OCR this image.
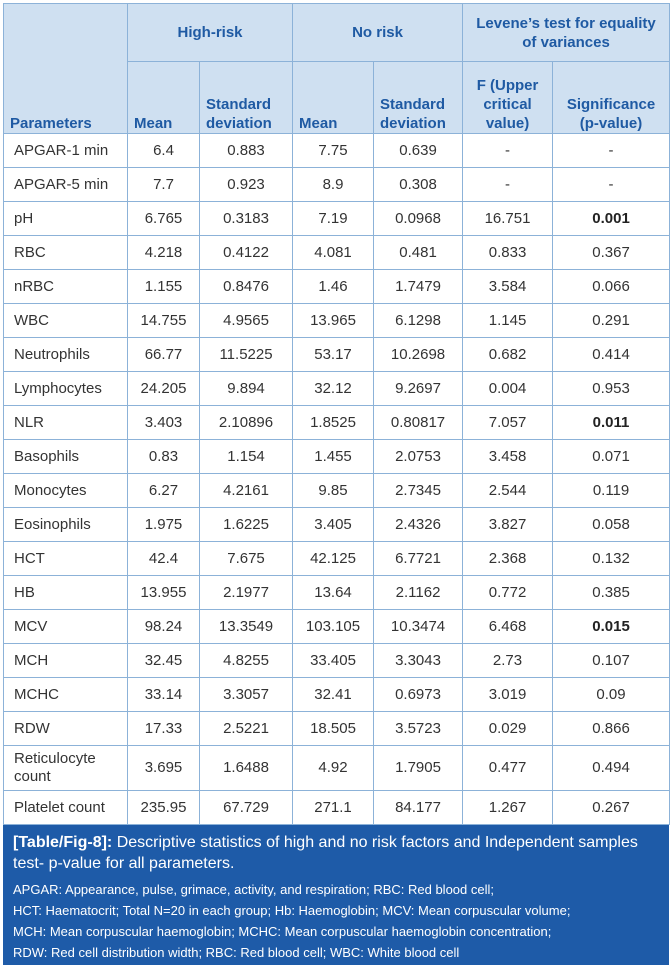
Parameters	High-risk		No risk		Levene’s test for equality of variances	
	Mean	Standard deviation	Mean	Standard deviation	F (Upper critical value)	Significance (p-value)
APGAR-1 min	6.4	0.883	7.75	0.639	-	-
APGAR-5 min	7.7	0.923	8.9	0.308	-	-
pH	6.765	0.3183	7.19	0.0968	16.751	0.001
RBC	4.218	0.4122	4.081	0.481	0.833	0.367
nRBC	1.155	0.8476	1.46	1.7479	3.584	0.066
WBC	14.755	4.9565	13.965	6.1298	1.145	0.291
Neutrophils	66.77	11.5225	53.17	10.2698	0.682	0.414
Lymphocytes	24.205	9.894	32.12	9.2697	0.004	0.953
NLR	3.403	2.10896	1.8525	0.80817	7.057	0.011
Basophils	0.83	1.154	1.455	2.0753	3.458	0.071
Monocytes	6.27	4.2161	9.85	2.7345	2.544	0.119
Eosinophils	1.975	1.6225	3.405	2.4326	3.827	0.058
HCT	42.4	7.675	42.125	6.7721	2.368	0.132
HB	13.955	2.1977	13.64	2.1162	0.772	0.385
MCV	98.24	13.3549	103.105	10.3474	6.468	0.015
MCH	32.45	4.8255	33.405	3.3043	2.73	0.107
MCHC	33.14	3.3057	32.41	0.6973	3.019	0.09
RDW	17.33	2.5221	18.505	3.5723	0.029	0.866
Reticulocyte count	3.695	1.6488	4.92	1.7905	0.477	0.494
Platelet count	235.95	67.729	271.1	84.177	1.267	0.267
[Table/Fig-8]: Descriptive statistics of high and no risk factors and Independent samples test- p-value for all parameters.
APGAR: Appearance, pulse, grimace, activity, and respiration; RBC: Red blood cell;
HCT: Haematocrit; Total N=20 in each group; Hb: Haemoglobin; MCV: Mean corpuscular volume;
MCH: Mean corpuscular haemoglobin; MCHC: Mean corpuscular haemoglobin concentration;
RDW: Red cell distribution width; RBC: Red blood cell; WBC: White blood cell
